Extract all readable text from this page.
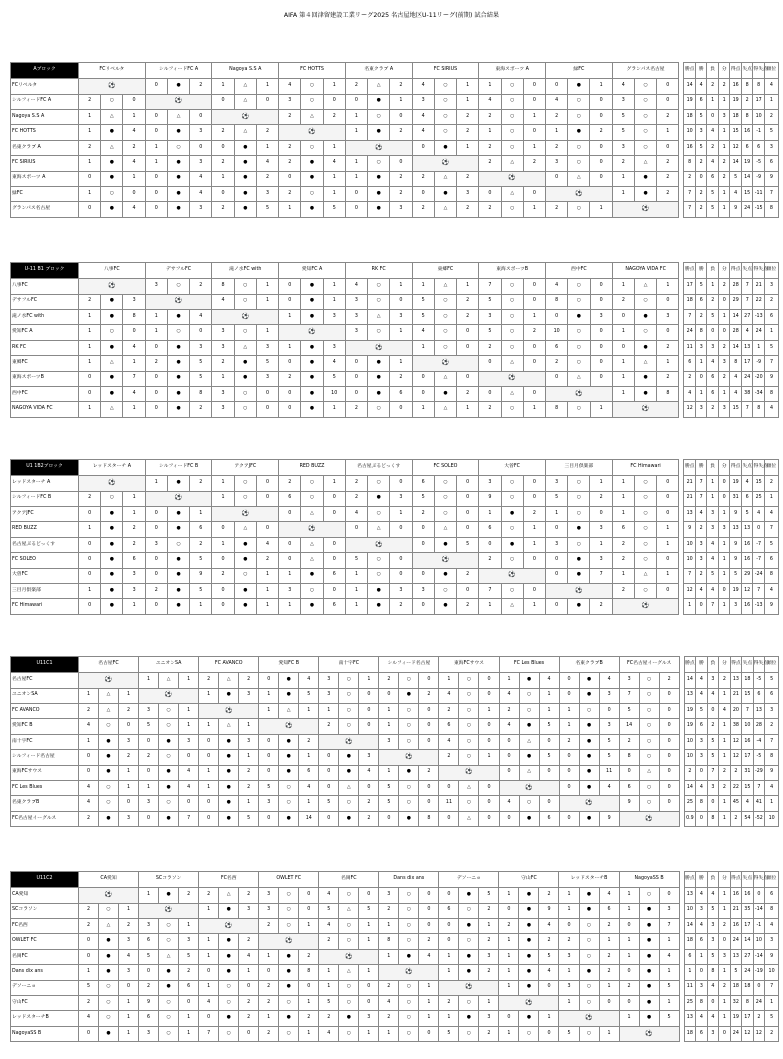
AIFA 第４回津留建設工業リーグ2025 名古屋地区U-11リーグ(前期) 試合結果
Aブロック	FCリベルタ			シルフィードFC A			Nagoya S.S A			FC HOTTS			名東クラブ A			FC SIRIUS			東海スポーツ A			緑FC			グランパス名古屋				勝点	勝	負	分	得点	失点	得失点	順位
FCリベルタ	⚽			0	●	2	1	△	1	4	○	1	2	△	2	4	○	1	1	○	0	0	●	1	4	○	0		14	4	2	2	16	8	8	4
シルフィードFC A	2	○	0	⚽			0	△	0	3	○	0	0	●	1	3	○	1	4	○	0	4	○	0	3	○	0		19	6	1	1	19	2	17	1
Nagoya S.S A	1	△	1	0	△	0	⚽			2	△	2	1	○	0	4	○	2	2	○	1	2	○	0	5	○	2		18	5	0	3	18	8	10	2
FC HOTTS	1	●	4	0	●	3	2	△	2	⚽			1	●	2	4	○	2	1	○	0	1	●	2	5	○	1		10	3	4	1	15	16	-1	5
名東クラブ A	2	△	2	1	○	0	0	●	1	2	○	1	⚽			0	●	1	2	○	1	2	○	0	3	○	0		16	5	2	1	12	6	6	3
FC SIRIUS	1	●	4	1	●	3	2	●	4	2	●	4	1	○	0	⚽			2	△	2	3	○	0	2	△	2		8	2	4	2	14	19	-5	6
東海スポーツ A	0	●	1	0	●	4	1	●	2	0	●	1	1	●	2	2	△	2	⚽			0	△	0	1	●	2		2	0	6	2	5	14	-9	9
緑FC	1	○	0	0	●	4	0	●	3	2	○	1	0	●	2	0	●	3	0	△	0	⚽			1	●	2		7	2	5	1	4	15	-11	7
グランパス名古屋	0	●	4	0	●	3	2	●	5	1	●	5	0	●	3	2	△	2	2	○	1	2	○	1	⚽				7	2	5	1	9	24	-15	8
U-11 B1 ブロック	八事FC			デサフルFC			滝ノ水FC with			愛知FC A			RK FC			東郷FC			東海スポーツB			西中FC			NAGOYA VIDA FC				勝点	勝	負	分	得点	失点	得失点	順位
八事FC	⚽			3	○	2	8	○	1	0	●	1	4	○	1	1	△	1	7	○	0	4	○	0	1	△	1		17	5	1	2	28	7	21	3
デサフルFC	2	●	3	⚽			4	○	1	0	●	1	3	○	0	5	○	2	5	○	0	8	○	0	2	○	0		18	6	2	0	29	7	22	2
滝ノ水FC with	1	●	8	1	●	4	⚽			1	●	3	3	△	3	5	○	2	3	○	1	0	●	3	0	●	3		7	2	5	1	14	27	-13	6
愛知FC A	1	○	0	1	○	0	3	○	1	⚽			3	○	1	4	○	0	5	○	2	10	○	0	1	○	0		24	8	0	0	28	4	24	1
RK FC	1	●	4	0	●	3	3	△	3	1	●	3	⚽			1	○	0	2	○	0	6	○	0	0	●	2		11	3	3	2	14	13	1	5
東郷FC	1	△	1	2	●	5	2	●	5	0	●	4	0	●	1	⚽			0	△	0	2	○	0	1	△	1		6	1	4	3	8	17	-9	7
東海スポーツB	0	●	7	0	●	5	1	●	3	2	●	5	0	●	2	0	△	0	⚽			0	△	0	1	●	2		2	0	6	2	4	24	-20	9
西中FC	0	●	4	0	●	8	3	○	0	0	●	10	0	●	6	0	●	2	0	△	0	⚽			1	●	8		4	1	6	1	4	38	-34	8
NAGOYA VIDA FC	1	△	1	0	●	2	3	○	0	0	●	1	2	○	0	1	△	1	2	○	1	8	○	1	⚽				12	3	2	3	15	7	8	4
U1 1B2ブロック	レッドスターチ A			シルフィードFC B			アクアJFC			RED BUZZ			名古屋ぶるどっくす			FC SOLEO			大曽FC			三目月倶楽部			FC Himawari				勝点	勝	負	分	得点	失点	得失点	順位
レッドスターチ A	⚽			1	●	2	1	○	0	2	○	1	2	○	0	6	○	0	3	○	0	3	○	1	1	○	0		21	7	1	0	19	4	15	2
シルフィードFC B	2	○	1	⚽			1	○	0	6	○	0	2	●	3	5	○	0	9	○	0	5	○	2	1	○	0		21	7	1	0	31	6	25	1
アクアJFC	0	●	1	0	●	1	⚽			0	△	0	4	○	1	2	○	0	1	●	2	1	○	0	1	○	0		13	4	3	1	9	5	4	4
RED BUZZ	1	●	2	0	●	6	0	△	0	⚽			0	△	0	0	△	0	6	○	1	0	●	3	6	○	1		9	2	3	3	13	13	0	7
名古屋ぶるどっくす	0	●	2	3	○	2	1	●	4	0	△	0	⚽			0	●	5	0	●	1	3	○	1	2	○	1		10	3	4	1	9	16	-7	5
FC SOLEO	0	●	6	0	●	5	0	●	2	0	△	0	5	○	0	⚽			2	○	0	0	●	3	2	○	0		10	3	4	1	9	16	-7	6
大曽FC	0	●	3	0	●	9	2	○	1	1	●	6	1	○	0	0	●	2	⚽			0	●	7	1	△	1		7	2	5	1	5	29	-24	8
三目月倶楽部	1	●	3	2	●	5	0	●	1	3	○	0	1	●	3	3	○	0	7	○	0	⚽			2	○	0		12	4	4	0	19	12	7	4
FC Himawari	0	●	1	0	●	1	0	●	1	1	●	6	1	●	2	0	●	2	1	△	1	0	●	2	⚽				1	0	7	1	3	16	-13	9
U11C1	名古屋FC			ユニオンSA			FC AVANCO			愛知FC B			南十字FC			シルフィード名古屋			東海FCサウス			FC Les Blues			名東クラブB			FC名古屋イーグルス				勝点	勝	負	分	得点	失点	得失点	順位
名古屋FC	⚽			1	△	1	2	△	2	0	●	4	3	○	1	2	○	0	1	○	0	1	●	4	0	●	4	3	○	2		14	4	3	2	13	18	-5	5
ユニオンSA	1	△	1	⚽			1	●	3	1	●	5	3	○	0	0	●	2	4	○	0	4	○	1	0	●	3	7	○	0		13	4	4	1	21	15	6	6
FC AVANCO	2	△	2	3	○	1	⚽			1	△	1	1	○	0	1	○	0	2	○	1	2	○	1	1	○	0	5	○	0		19	5	0	4	20	7	13	3
愛知FC B	4	○	0	5	○	1	1	△	1	⚽			2	○	0	1	○	0	6	○	0	4	●	5	1	●	3	14	○	0		19	6	2	1	38	10	28	2
南十字FC	1	●	3	0	●	3	0	●	3	0	●	2	⚽			3	○	0	4	○	0	0	△	0	2	●	5	2	○	0		10	3	5	1	12	16	-4	7
シルフィード名古屋	0	●	2	2	○	0	0	●	1	0	●	1	0	●	3	⚽			2	○	1	0	●	5	0	●	5	8	○	0		10	3	5	1	12	17	-5	8
東海FCサウス	0	●	1	0	●	4	1	●	2	0	●	6	0	●	4	1	●	2	⚽			0	△	0	0	●	11	0	△	0		2	0	7	2	2	31	-29	9
FC Les Blues	4	○	1	1	●	4	1	●	2	5	○	4	0	△	0	5	○	0	0	△	0	⚽			0	●	4	6	○	0		14	4	3	2	22	15	7	4
名東クラブB	4	○	0	3	○	0	0	●	1	3	○	1	5	○	2	5	○	0	11	○	0	4	○	0	⚽			9	○	0		25	8	0	1	45	4	41	1
FC名古屋イーグルス	2	●	3	0	●	7	0	●	5	0	●	14	0	●	2	0	●	8	0	△	0	0	●	6	0	●	9	⚽				0.9	0	8	1	2	54	-52	10
U11C2	CA愛知			SCコラソン			FC名西			OWLET FC			名岡FC			Dans dix ans			デソーニョ			守山FC			レッドスターチB			NagoyaSS B				勝点	勝	負	分	得点	失点	得失点	順位
CA愛知	⚽			1	●	2	2	△	2	3	○	0	4	○	0	3	○	0	0	●	5	1	●	2	1	●	4	1	○	0		13	4	4	1	16	16	0	6
SCコラソン	2	○	1	⚽			1	●	3	3	○	0	5	△	5	2	○	0	6	○	2	0	●	9	1	●	6	1	●	3		10	3	5	1	21	35	-14	8
FC名西	2	△	2	3	○	1	⚽			2	○	1	4	○	1	1	○	0	0	●	1	2	●	4	0	○	2	0	●	7		14	4	3	2	16	17	-1	4
OWLET FC	0	●	3	6	○	3	1	●	2	⚽			2	○	1	8	○	2	0	○	2	1	●	2	2	○	1	1	●	1		18	6	3	0	24	14	10	3
名岡FC	0	●	4	5	△	5	1	●	4	1	●	2	⚽			1	●	4	1	●	3	1	●	5	3	○	2	1	●	4		6	1	5	3	13	27	-14	9
Dans dix ans	1	●	3	0	●	2	0	●	1	0	●	8	1	△	1	⚽			1	●	2	1	●	4	1	●	2	0	●	1		1	0	8	1	5	24	-19	10
デソーニョ	5	○	0	2	●	6	1	○	0	2	●	0	1	○	0	2	○	1	⚽			1	●	0	3	○	1	2	●	5		11	3	4	2	18	18	0	7
守山FC	2	○	1	9	○	0	4	○	2	2	○	1	5	○	0	4	○	1	2	○	1	⚽			1	○	0	0	●	1		25	8	0	1	32	8	24	1
レッドスターチB	4	○	1	6	○	1	0	●	2	1	●	2	2	●	3	2	○	1	1	●	3	0	●	1	⚽			1	●	5		13	4	4	1	19	17	2	5
NagoyaSS B	0	●	1	3	○	1	7	○	0	2	○	1	4	○	1	1	○	0	5	○	2	1	○	0	5	○	1	⚽				18	6	3	0	24	12	12	2
